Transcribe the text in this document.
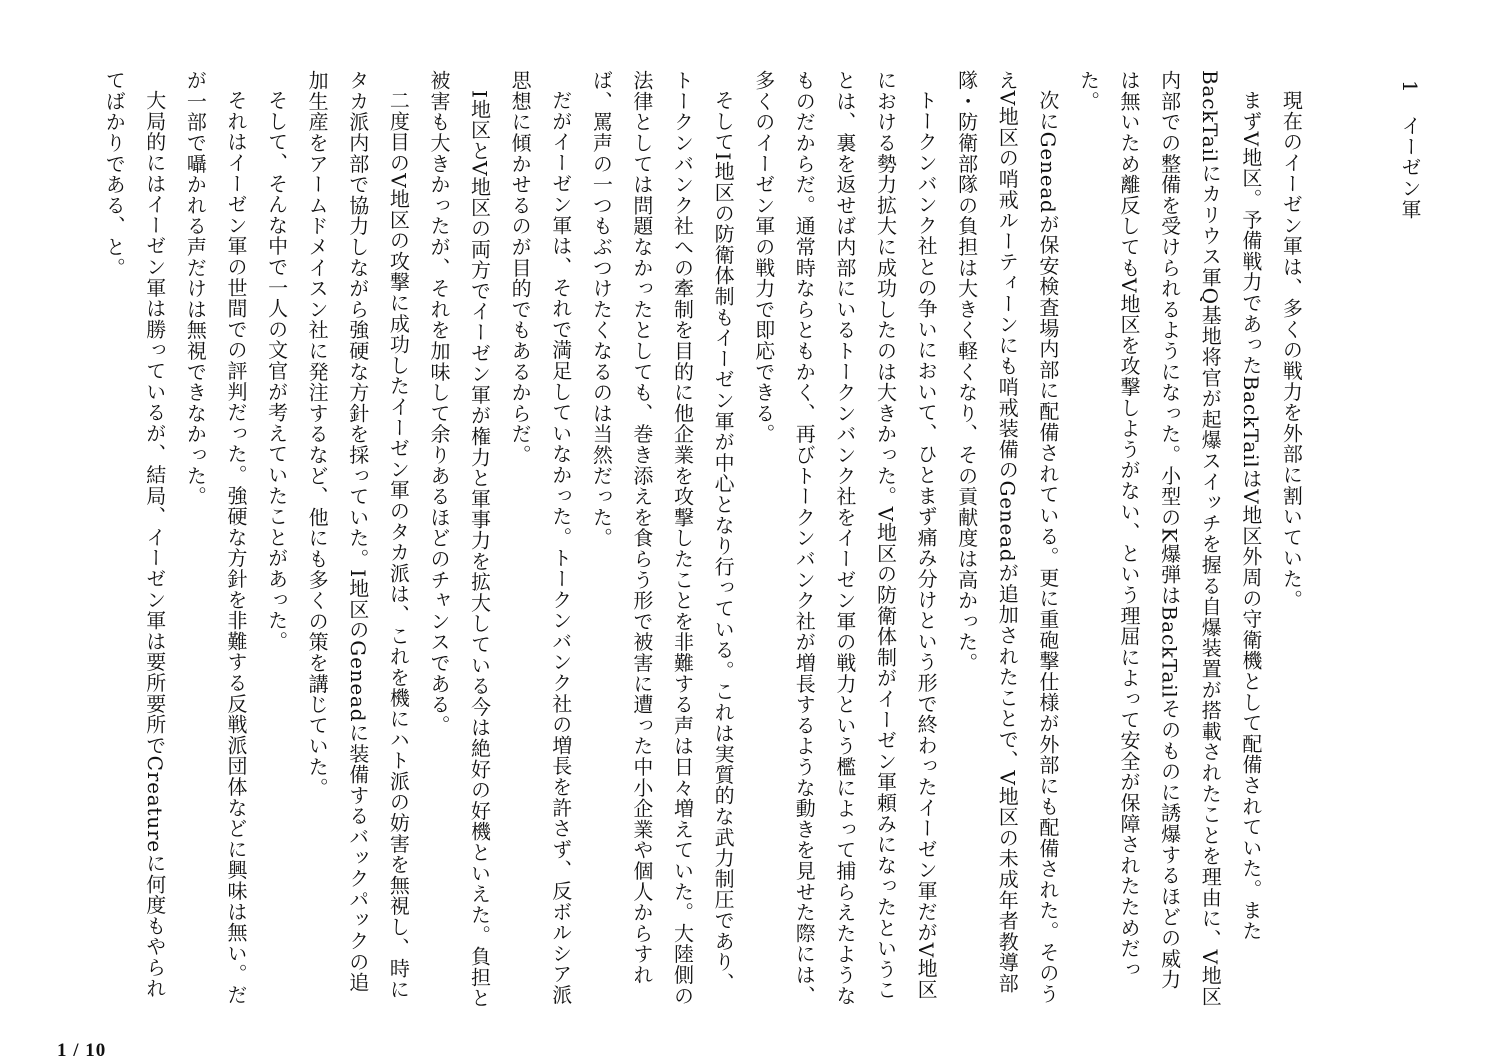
1イーゼン軍

現在のイーゼン軍は、多くの戦力を外部に割いていた。

まずV地区。予備戦力であったBackTailはV地区外周の守衛機として配備されていた。またBackTailにカリウス軍Q基地将官が起爆スイッチを握る自爆装置が搭載されたことを理由に、V地区内部での整備を受けられるようになった。小型のK爆弾はBackTailそのものに誘爆するほどの威力は無いため離反してもV地区を攻撃しようがない、という理屈によって安全が保障されたためだった。

次にGeneadが保安検査場内部に配備されている。更に重砲撃仕様が外部にも配備された。そのうえV地区の哨戒ルーティーンにも哨戒装備のGeneadが追加されたことで、V地区の未成年者教導部隊・防衛部隊の負担は大きく軽くなり、その貢献度は高かった。

トークンバンク社との争いにおいて、ひとまず痛み分けという形で終わったイーゼン軍だがV地区における勢力拡大に成功したのは大きかった。V地区の防衛体制がイーゼン軍頼みになったということは、裏を返せば内部にいるトークンバンク社をイーゼン軍の戦力という檻によって捕らえたようなものだからだ。通常時ならともかく、再びトークンバンク社が増長するような動きを見せた際には、多くのイーゼン軍の戦力で即応できる。

そしてI地区の防衛体制もイーゼン軍が中心となり行っている。これは実質的な武力制圧であり、トークンバンク社への牽制を目的に他企業を攻撃したことを非難する声は日々増えていた。大陸側の法律としては問題なかったとしても、巻き添えを食らう形で被害に遭った中小企業や個人からすれば、罵声の一つもぶつけたくなるのは当然だった。

だがイーゼン軍は、それで満足していなかった。トークンバンク社の増長を許さず、反ボルシア派思想に傾かせるのが目的でもあるからだ。

I地区とV地区の両方でイーゼン軍が権力と軍事力を拡大している今は絶好の好機といえた。負担と被害も大きかったが、それを加味して余りあるほどのチャンスである。

二度目のV地区の攻撃に成功したイーゼン軍のタカ派は、これを機にハト派の妨害を無視し、時にタカ派内部で協力しながら強硬な方針を採っていた。I地区のGeneadに装備するバックパックの追加生産をアームドメイスン社に発注するなど、他にも多くの策を講じていた。

そして、そんな中で一人の文官が考えていたことがあった。

それはイーゼン軍の世間での評判だった。強硬な方針を非難する反戦派団体などに興味は無い。だが一部で囁かれる声だけは無視できなかった。

大局的にはイーゼン軍は勝っているが、結局、イーゼン軍は要所要所でCreatureに何度もやられてばかりである、と。

1 / 10
